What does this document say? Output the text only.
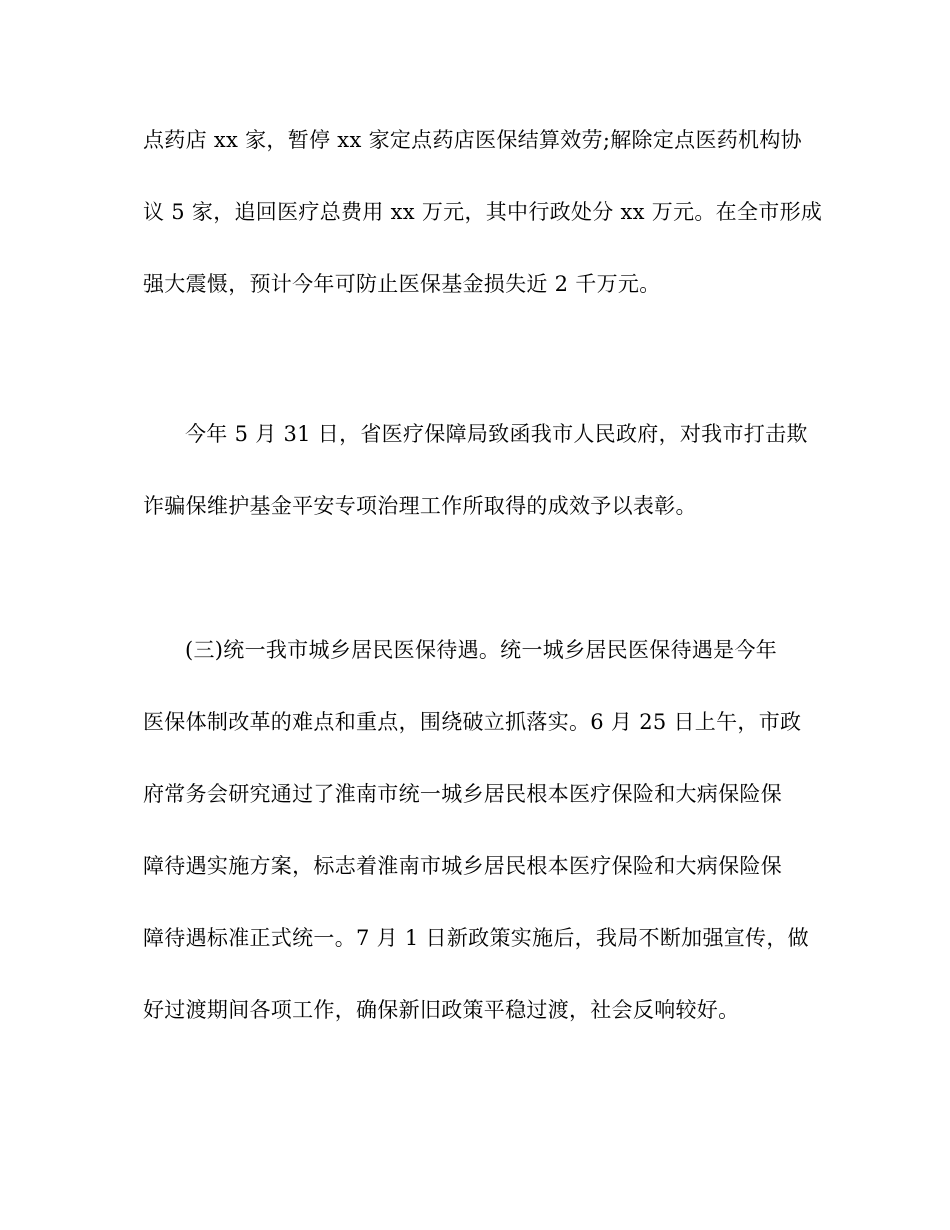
点药店 xx 家，暂停 xx 家定点药店医保结算效劳;解除定点医药机构协
议 5 家，追回医疗总费用 xx 万元，其中行政处分 xx 万元。在全市形成
强大震慑，预计今年可防止医保基金损失近 2 千万元。
今年 5 月 31 日，省医疗保障局致函我市人民政府，对我市打击欺
诈骗保维护基金平安专项治理工作所取得的成效予以表彰。
(三)统一我市城乡居民医保待遇。统一城乡居民医保待遇是今年
医保体制改革的难点和重点，围绕破立抓落实。6 月 25 日上午，市政
府常务会研究通过了淮南市统一城乡居民根本医疗保险和大病保险保
障待遇实施方案，标志着淮南市城乡居民根本医疗保险和大病保险保
障待遇标准正式统一。7 月 1 日新政策实施后，我局不断加强宣传，做
好过渡期间各项工作，确保新旧政策平稳过渡，社会反响较好。
